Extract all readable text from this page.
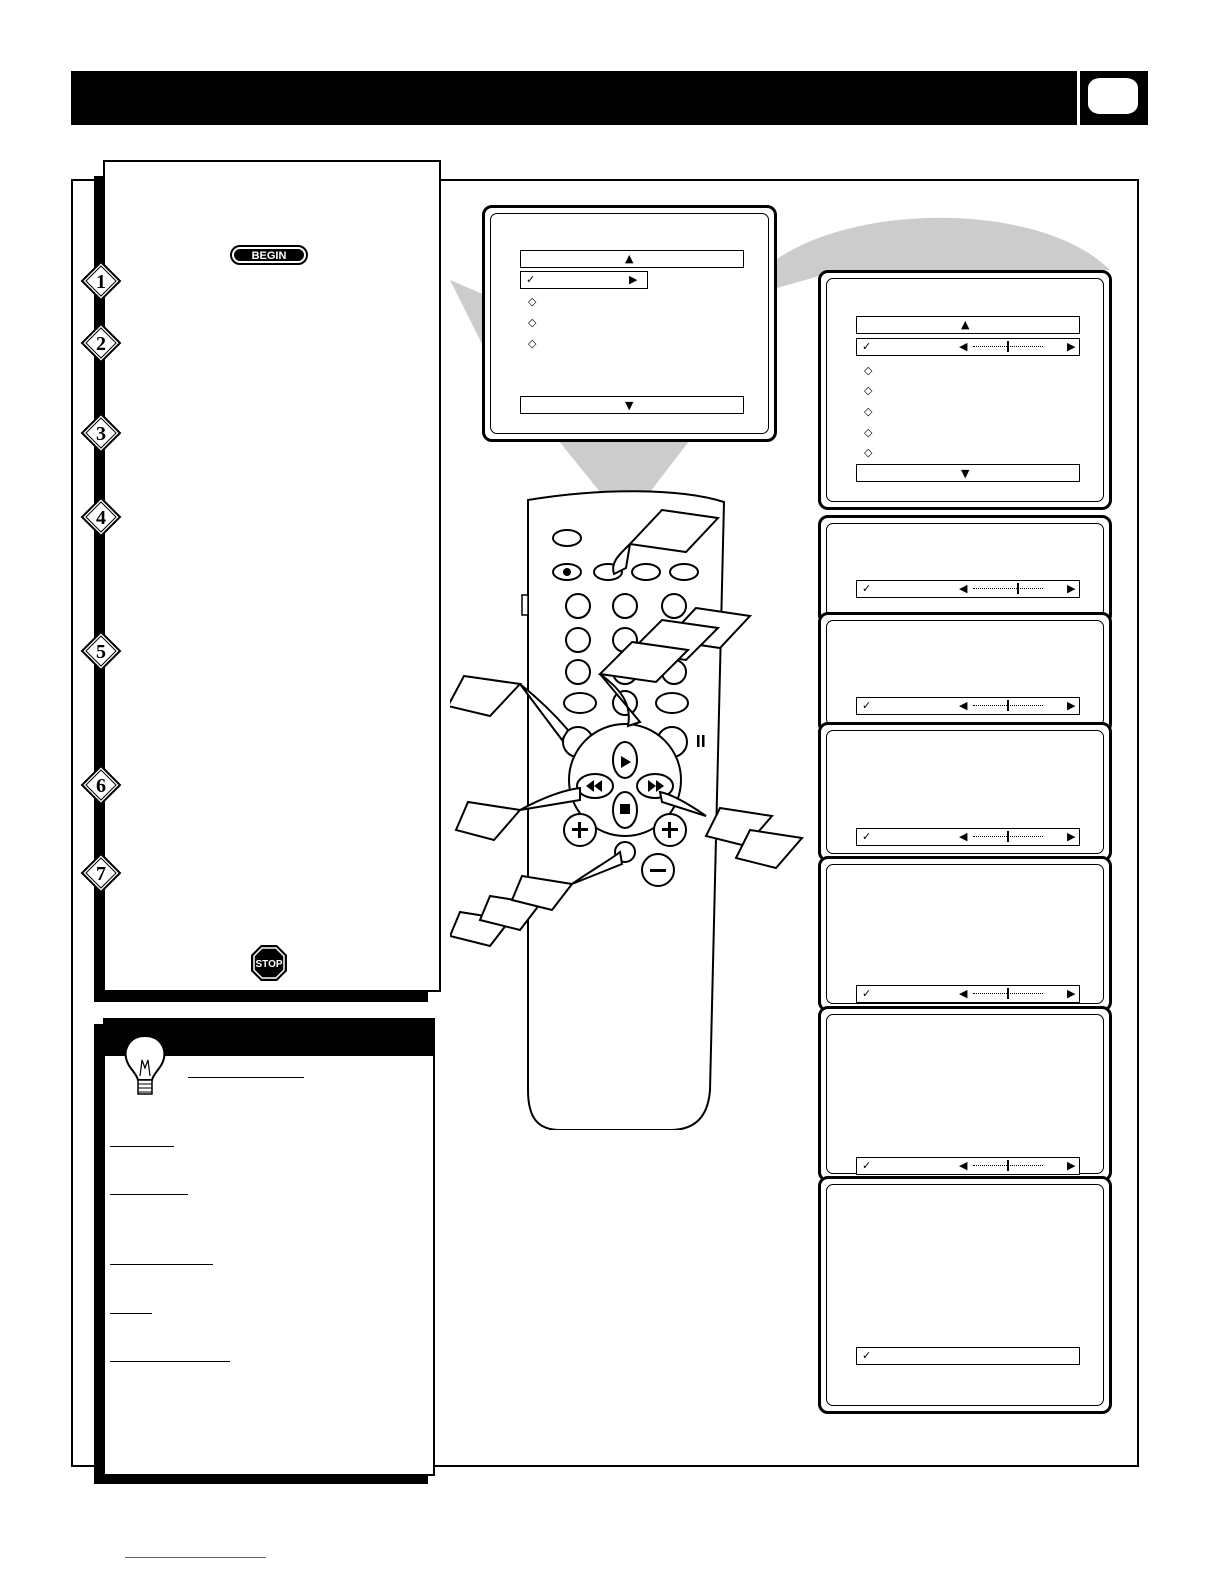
BEGIN
1
2
3
4
5
6
7
STOP
▲
✓	▶
◇
◇
◇
▼
▲
✓	◀	▶
◇
◇
◇
◇
◇
▼
✓	◀	▶
✓	◀	▶
✓	◀	▶
✓	◀	▶
✓	◀	▶
✓
